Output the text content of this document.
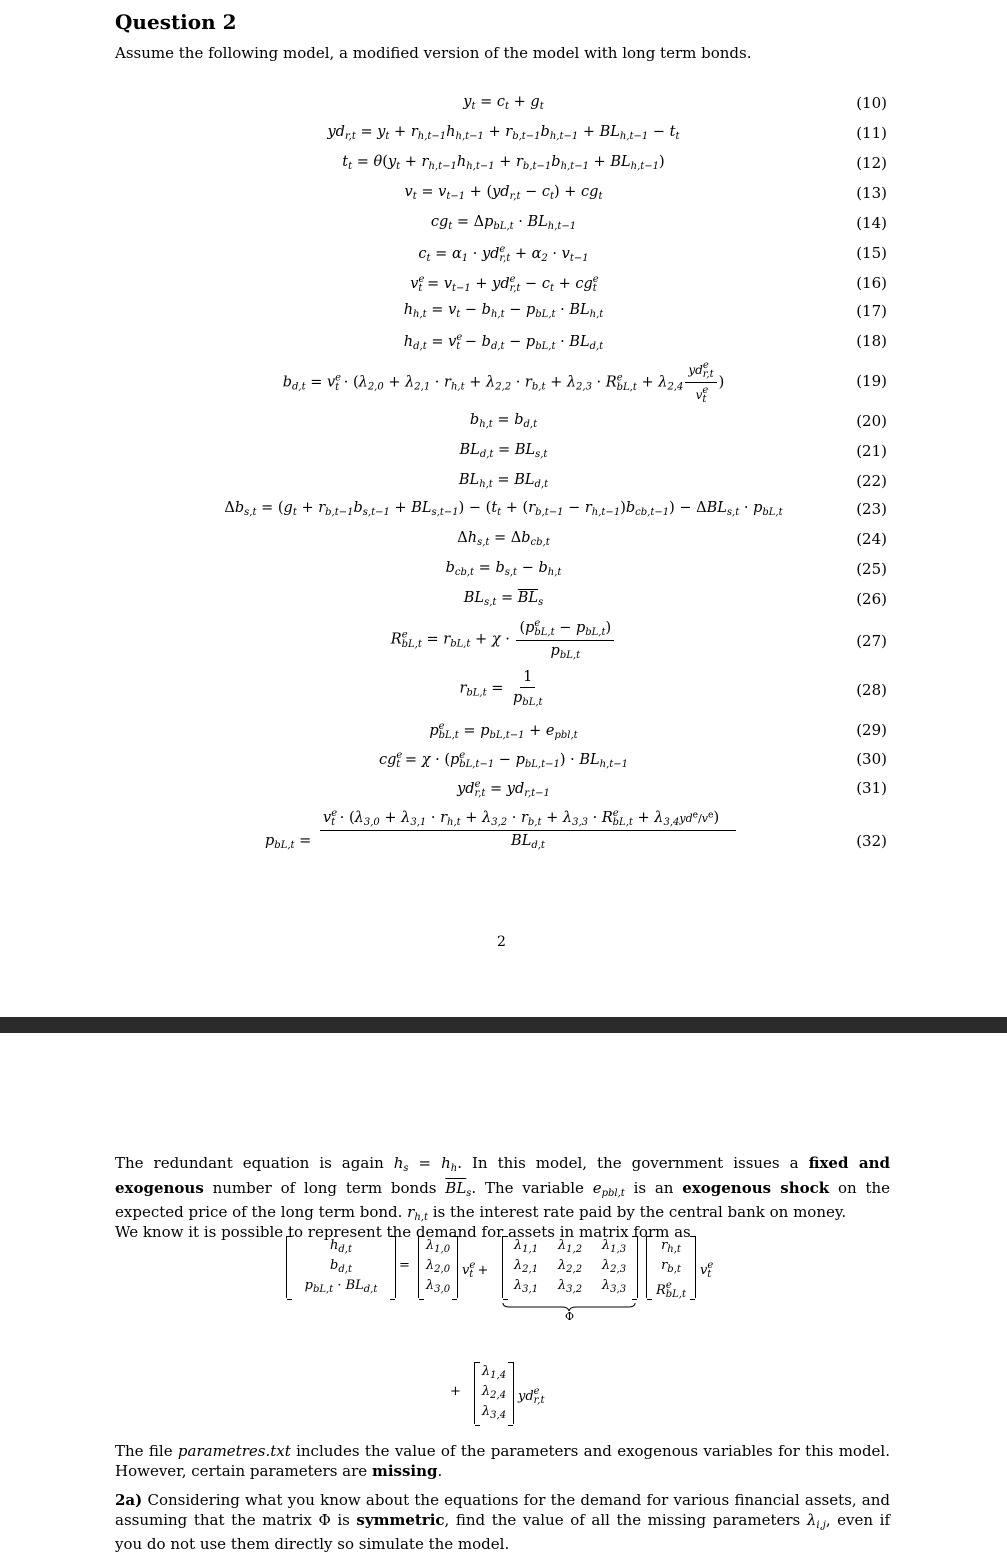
Question 2

Assume the following model, a modified version of the model with long term bonds.

$y_t = c_t + g_t$	(10)
$yd_{r,t} = y_t + r_{h,t-1}h_{h,t-1} + r_{b,t-1}b_{h,t-1} + BL_{h,t-1} - t_t$	(11)
$t_t = \theta(y_t + r_{h,t-1}h_{h,t-1} + r_{b,t-1}b_{h,t-1} + BL_{h,t-1})$	(12)
$v_t = v_{t-1} + (yd_{r,t} - c_t) + cg_t$	(13)
$cg_t = \Delta p_{bL,t} \cdot BL_{h,t-1}$	(14)
$c_t = \alpha_1 \cdot yd^e_{r,t} + \alpha_2 \cdot v_{t-1}$	(15)
$v^e_t = v_{t-1} + yd^e_{r,t} - c_t + cg^e_t$	(16)
$h_{h,t} = v_t - b_{h,t} - p_{bL,t} \cdot BL_{h,t}$	(17)
$h_{d,t} = v^e_t - b_{d,t} - p_{bL,t} \cdot BL_{d,t}$	(18)
$b_{d,t} = v^e_t \cdot (\lambda_{2,0} + \lambda_{2,1} \cdot r_{h,t} + \lambda_{2,2} \cdot r_{b,t} + \lambda_{2,3} \cdot R^e_{bL,t} + \lambda_{2,4} \frac{yd^e_{r,t}}{v^e_t}$ )	(19)
$b_{h,t} = b_{d,t}$	(20)
$BL_{d,t} = BL_{s,t}$	(21)
$BL_{h,t} = BL_{d,t}$	(22)
$\Delta b_{s,t} = (g_t + r_{b,t-1}b_{s,t-1} + BL_{s,t-1}) - (t_t + (r_{b,t-1} - r_{h,t-1})b_{cb,t-1}) - \Delta BL_{s,t} \cdot p_{bL,t}$	(23)
$\Delta h_{s,t} = \Delta b_{cb,t}$	(24)
$b_{cb,t} = b_{s,t} - b_{h,t}$	(25)
$BL_{s,t} = \overline{BL}_s$	(26)
$R^e_{bL,t} = r_{bL,t} + \chi \cdot \frac{(p^e_{bL,t} - p_{bL,t})}{p_{bL,t}}$	(27)
$r_{bL,t} = \frac{1}{p_{bL,t}}$	(28)
$p^e_{bL,t} = p_{bL,t-1} + e_{pbl,t}$	(29)
$cg^e_t = \chi \cdot (p^e_{bL,t-1} - p_{bL,t-1}) \cdot BL_{h,t-1}$	(30)
$yd^e_{r,t} = yd_{r,t-1}$	(31)
$p_{bL,t}$ =
$v^e_t \cdot (\lambda_{3,0} + \lambda_{3,1} \cdot r_{h,t} + \lambda_{3,2} \cdot r_{b,t} + \lambda_{3,3} \cdot R^e_{bL,t} + \lambda_{3,4}yd^e/v^e)$
$BL_{d,t}$	(32)
2

The redundant equation is again $h_s = h_h$. In this model, the government issues a fixed and exogenous number of long term bonds $\overline{BL}_s$. The variable $e_{pbl,t}$ is an exogenous shock on the expected price of the long term bond. $r_{h,t}$ is the interest rate paid by the central bank on money.

We know it is possible to represent the demand for assets in matrix form as

$h_{d,t}$
$b_{d,t}$
$p_{bL,t} \cdot BL_{d,t}$
=
$\lambda_{1,0}$
$\lambda_{2,0}$
$\lambda_{3,0}$
$v^e_t$ +
$\lambda_{1,1}$ $\lambda_{1,2}$ $\lambda_{1,3}$
$\lambda_{2,1}$ $\lambda_{2,2}$ $\lambda_{2,3}$
$\lambda_{3,1}$ $\lambda_{3,2}$ $\lambda_{3,3}$
Φ
$r_{h,t}$
$r_{b,t}$
$R^e_{bL,t}$
$v^e_t$
+
$\lambda_{1,4}$
$\lambda_{2,4}$
$\lambda_{3,4}$
$yd^e_{r,t}$

The file parametres.txt includes the value of the parameters and exogenous variables for this model. However, certain parameters are missing.

2a) Considering what you know about the equations for the demand for various financial assets, and assuming that the matrix Φ is symmetric, find the value of all the missing parameters $\lambda_{i,j}$, even if you do not use them directly so simulate the model.
